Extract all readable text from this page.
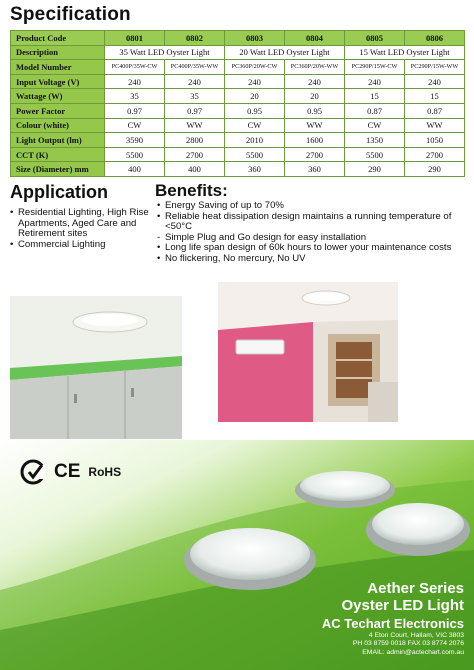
Specification
Product Code	0801	0802	0803	0804	0805	0806
Description	35 Watt LED Oyster Light		20 Watt LED Oyster Light		15 Watt LED Oyster Light	
Model Number	PC400P/35W-CW	PC400P/35W-WW	PC360P/20W-CW	PC360P/20W-WW	PC290P/15W-CW	PC290P/15W-WW
Input Voltage (V)	240	240	240	240	240	240
Wattage (W)	35	35	20	20	15	15
Power Factor	0.97	0.97	0.95	0.95	0.87	0.87
Colour (white)	CW	WW	CW	WW	CW	WW
Light Output (lm)	3590	2800	2010	1600	1350	1050
CCT (K)	5500	2700	5500	2700	5500	2700
Size (Diameter) mm	400	400	360	360	290	290
Application
• Residential Lighting, High Rise Apartments, Aged Care and Retirement sites
• Commercial Lighting
Benefits:
• Energy Saving of up to 70%
• Reliable heat dissipation design maintains a running temperature of <50°C
- Simple Plug and Go design for easy installation
• Long life span design of 60k hours to lower your maintenance costs
• No flickering, No mercury, No UV
CE RoHS
Aether Series
Oyster LED Light
AC Techart Electronics
4 Eton Court, Hallam, VIC 3803
PH 03 8759 0018 FAX 03 8774 2076
EMAIL: admin@actechart.com.au
